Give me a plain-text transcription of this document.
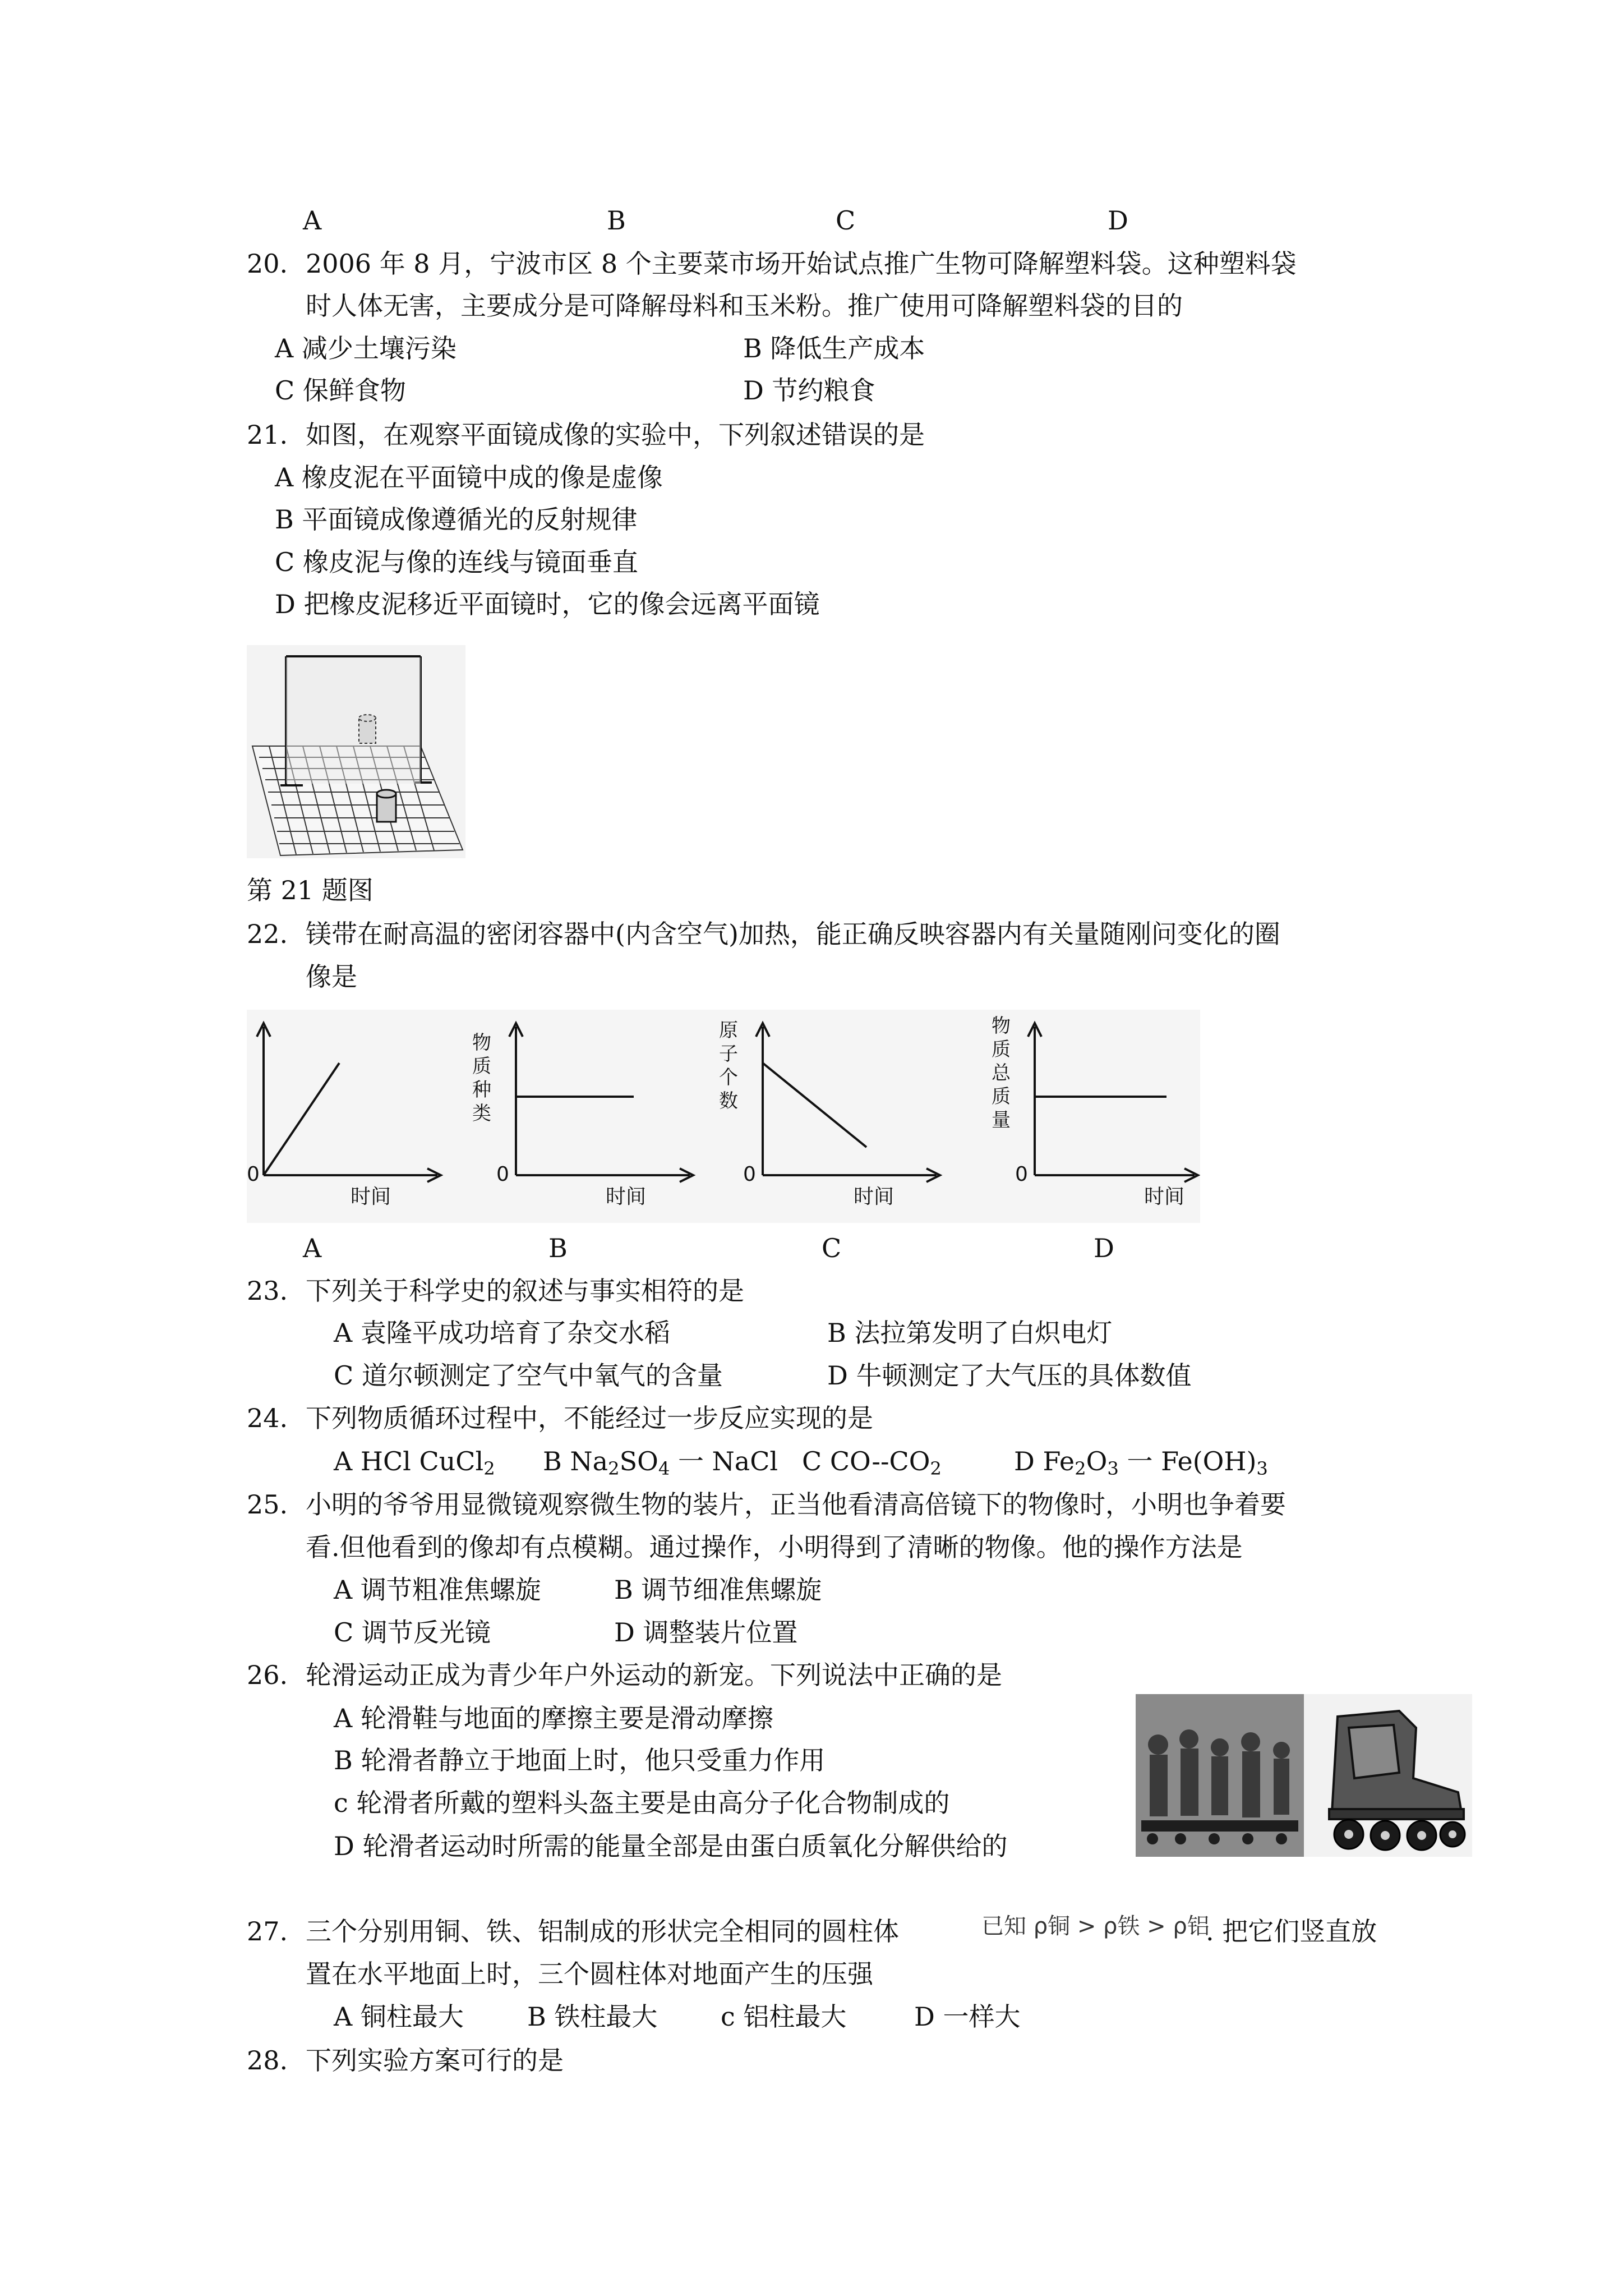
A	B	C	D
20. 2006 年 8 月，宁波市区 8 个主要菜市场开始试点推广生物可降解塑料袋。这种塑料袋
时人体无害，主要成分是可降解母料和玉米粉。推广使用可降解塑料袋的目的
A 减少土壤污染	B 降低生产成本
C 保鲜食物	D 节约粮食
21. 如图，在观察平面镜成像的实验中，下列叙述错误的是
A 橡皮泥在平面镜中成的像是虚像
B 平面镜成像遵循光的反射规律
C 橡皮泥与像的连线与镜面垂直
D 把橡皮泥移近平面镜时，它的像会远离平面镜
第 21 题图
22. 镁带在耐高温的密闭容器中(内含空气)加热，能正确反映容器内有关量随刚问变化的圈
像是
0
时间
物 质 种 类
0
时间
原 子 个 数
0
时间
物 质 总 质 量
0
时间
A	B	C	D
23. 下列关于科学史的叙述与事实相符的是
A 袁隆平成功培育了杂交水稻	B 法拉第发明了白炽电灯
C 道尔顿测定了空气中氧气的含量	D 牛顿测定了大气压的具体数值
24. 下列物质循环过程中，不能经过一步反应实现的是
A HCl CuCl$_2$ B $Na_2SO_4$ 一 NaCl C $CO--CO_2$	D $Fe_2O_3$ 一 $Fe(OH)_3$
25. 小明的爷爷用显微镜观察微生物的装片，正当他看清高倍镜下的物像时，小明也争着要
看.但他看到的像却有点模糊。通过操作，小明得到了清晰的物像。他的操作方法是
A 调节粗准焦螺旋	B 调节细准焦螺旋
C 调节反光镜	D 调整装片位置
26. 轮滑运动正成为青少年户外运动的新宠。下列说法中正确的是
A 轮滑鞋与地面的摩擦主要是滑动摩擦
B 轮滑者静立于地面上时，他只受重力作用
c 轮滑者所戴的塑料头盔主要是由高分子化合物制成的
D 轮滑者运动时所需的能量全部是由蛋白质氧化分解供给的
27. 三个分别用铜、铁、铝制成的形状完全相同的圆柱体	已知 ρ铜 > ρ铁 > ρ铝
. 把它们竖直放
置在水平地面上时，三个圆柱体对地面产生的压强
A 铜柱最大 B 铁柱最大 c 铝柱最大	D 一样大
28. 下列实验方案可行的是
